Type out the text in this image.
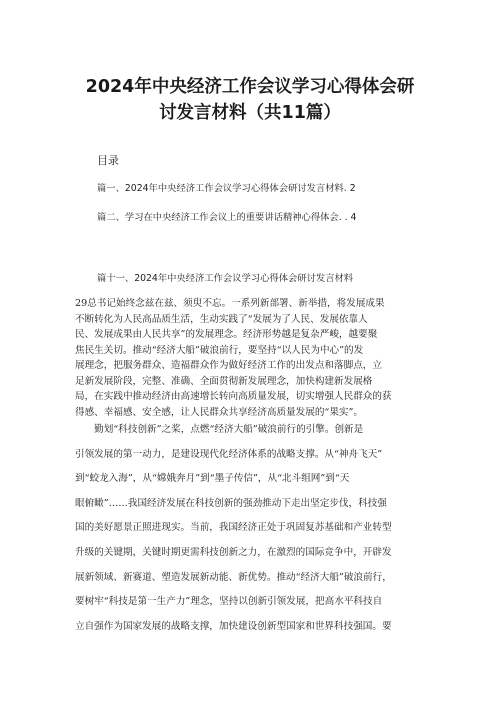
2024年中央经济工作会议学习心得体会研
讨发言材料（共11篇）
目录
篇一、2024年中央经济工作会议学习心得体会研讨发言材料. 2
篇二、学习在中央经济工作会议上的重要讲话精神心得体会. . 4
篇十一、2024年中央经济工作会议学习心得体会研讨发言材料
29总书记始终念兹在兹、须臾不忘。一系列新部署、新举措，将发展成果
不断转化为人民高品质生活，生动实践了“发展为了人民、发展依靠人
民、发展成果由人民共享”的发展理念。经济形势越是复杂严峻，越要聚
焦民生关切。推动“经济大船”破浪前行，要坚持“以人民为中心”的发
展理念，把服务群众、造福群众作为做好经济工作的出发点和落脚点，立
足新发展阶段，完整、准确、全面贯彻新发展理念，加快构建新发展格
局，在实践中推动经济由高速增长转向高质量发展，切实增强人民群众的获
得感、幸福感、安全感，让人民群众共享经济高质量发展的“果实”。
　　勤划“科技创新”之桨，点燃“经济大船”破浪前行的引擎。创新是
引领发展的第一动力，是建设现代化经济体系的战略支撑。从“神舟飞天”
到“蛟龙入海”，从“嫦娥奔月”到“墨子传信”，从“北斗组网”到“天
眼俯瞰”……我国经济发展在科技创新的强劲推动下走出坚定步伐，科技强
国的美好愿景正照进现实。当前，我国经济正处于巩固复苏基础和产业转型
升级的关键期，关键时期更需科技创新之力，在激烈的国际竞争中，开辟发
展新领域、新赛道、塑造发展新动能、新优势。推动“经济大船”破浪前行，
要树牢“科技是第一生产力”理念，坚持以创新引领发展，把高水平科技自
立自强作为国家发展的战略支撑，加快建设创新型国家和世界科技强国。要
